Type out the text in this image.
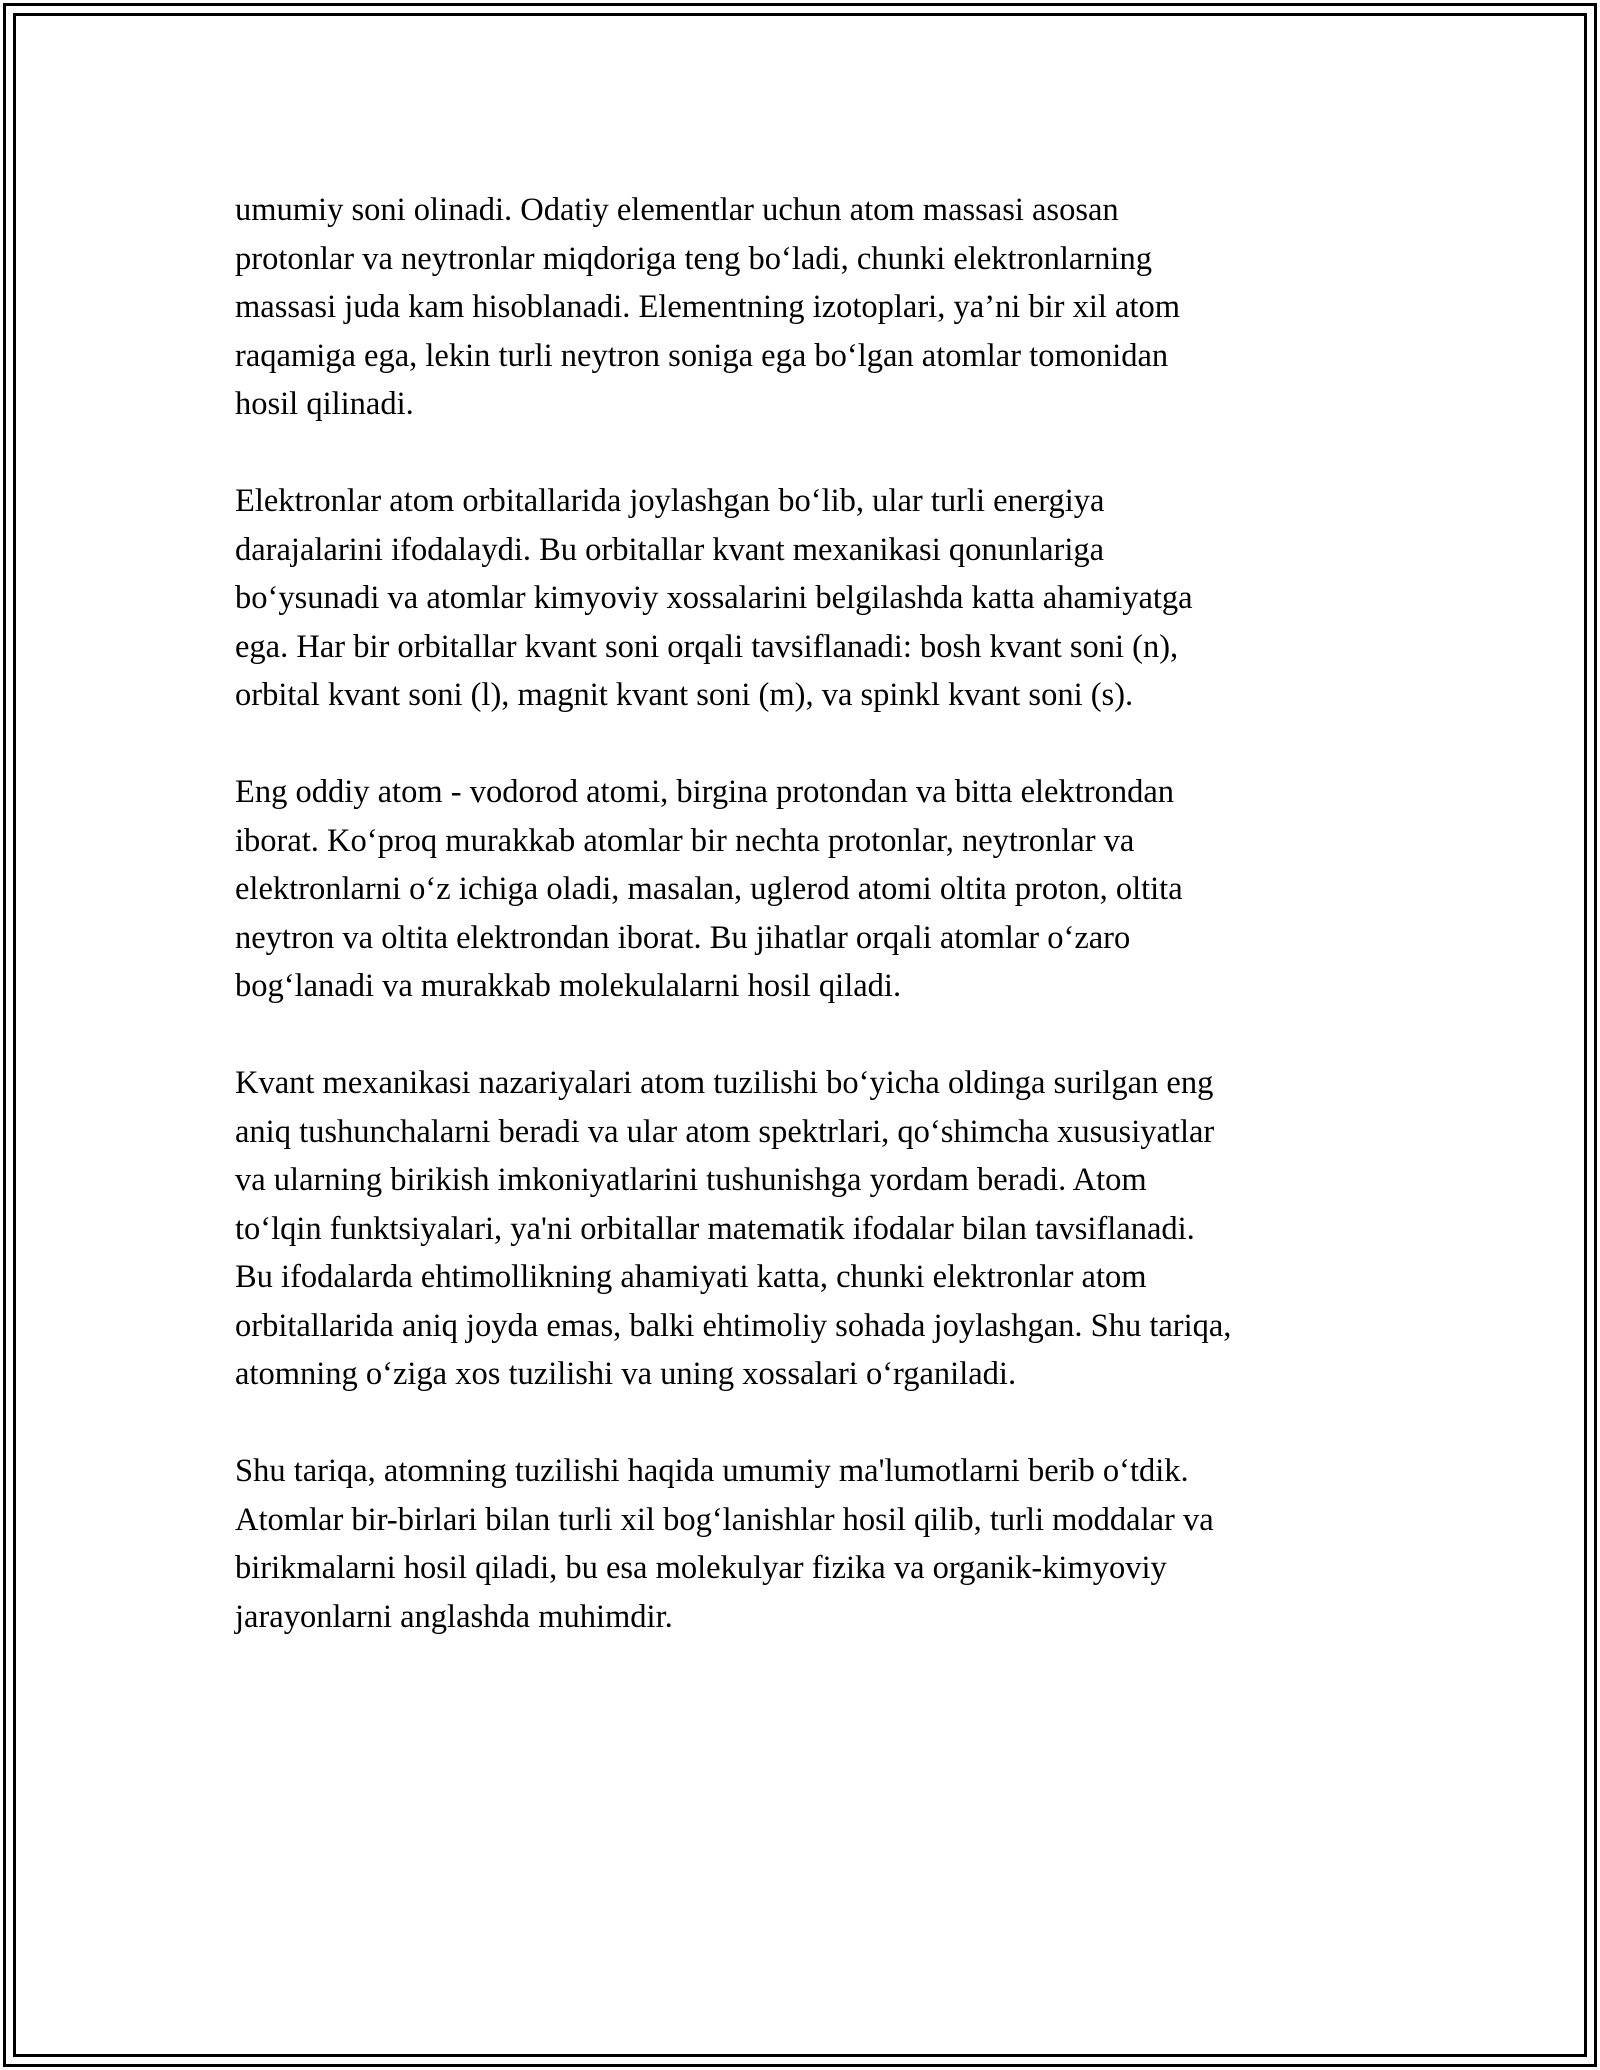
umumiy soni olinadi. Odatiy elementlar uchun atom massasi asosan
protonlar va neytronlar miqdoriga teng bo‘ladi, chunki elektronlarning
massasi juda kam hisoblanadi. Elementning izotoplari, ya’ni bir xil atom
raqamiga ega, lekin turli neytron soniga ega bo‘lgan atomlar tomonidan
hosil qilinadi.

Elektronlar atom orbitallarida joylashgan bo‘lib, ular turli energiya
darajalarini ifodalaydi. Bu orbitallar kvant mexanikasi qonunlariga
bo‘ysunadi va atomlar kimyoviy xossalarini belgilashda katta ahamiyatga
ega. Har bir orbitallar kvant soni orqali tavsiflanadi: bosh kvant soni (n),
orbital kvant soni (l), magnit kvant soni (m), va spinkl kvant soni (s).

Eng oddiy atom - vodorod atomi, birgina protondan va bitta elektrondan
iborat. Ko‘proq murakkab atomlar bir nechta protonlar, neytronlar va
elektronlarni o‘z ichiga oladi, masalan, uglerod atomi oltita proton, oltita
neytron va oltita elektrondan iborat. Bu jihatlar orqali atomlar o‘zaro
bog‘lanadi va murakkab molekulalarni hosil qiladi.

Kvant mexanikasi nazariyalari atom tuzilishi bo‘yicha oldinga surilgan eng
aniq tushunchalarni beradi va ular atom spektrlari, qo‘shimcha xususiyatlar
va ularning birikish imkoniyatlarini tushunishga yordam beradi. Atom
to‘lqin funktsiyalari, ya'ni orbitallar matematik ifodalar bilan tavsiflanadi.
Bu ifodalarda ehtimollikning ahamiyati katta, chunki elektronlar atom
orbitallarida aniq joyda emas, balki ehtimoliy sohada joylashgan. Shu tariqa,
atomning o‘ziga xos tuzilishi va uning xossalari o‘rganiladi.

Shu tariqa, atomning tuzilishi haqida umumiy ma'lumotlarni berib o‘tdik.
Atomlar bir-birlari bilan turli xil bog‘lanishlar hosil qilib, turli moddalar va
birikmalarni hosil qiladi, bu esa molekulyar fizika va organik-kimyoviy
jarayonlarni anglashda muhimdir.
